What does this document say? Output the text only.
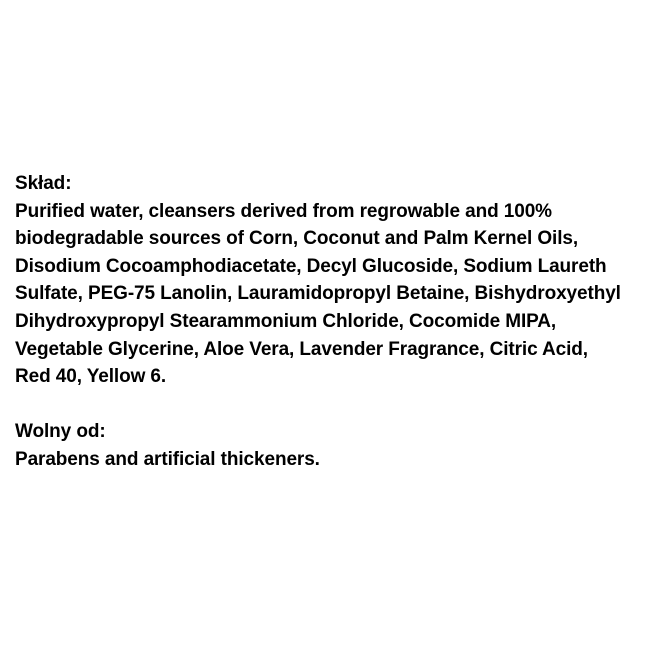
Skład:
Purified water, cleansers derived from regrowable and 100%
biodegradable sources of Corn, Coconut and Palm Kernel Oils,
Disodium Cocoamphodiacetate, Decyl Glucoside, Sodium Laureth
Sulfate, PEG-75 Lanolin, Lauramidopropyl Betaine, Bishydroxyethyl
Dihydroxypropyl Stearammonium Chloride, Cocomide MIPA,
Vegetable Glycerine, Aloe Vera, Lavender Fragrance, Citric Acid,
Red 40, Yellow 6.
Wolny od:
Parabens and artificial thickeners.
